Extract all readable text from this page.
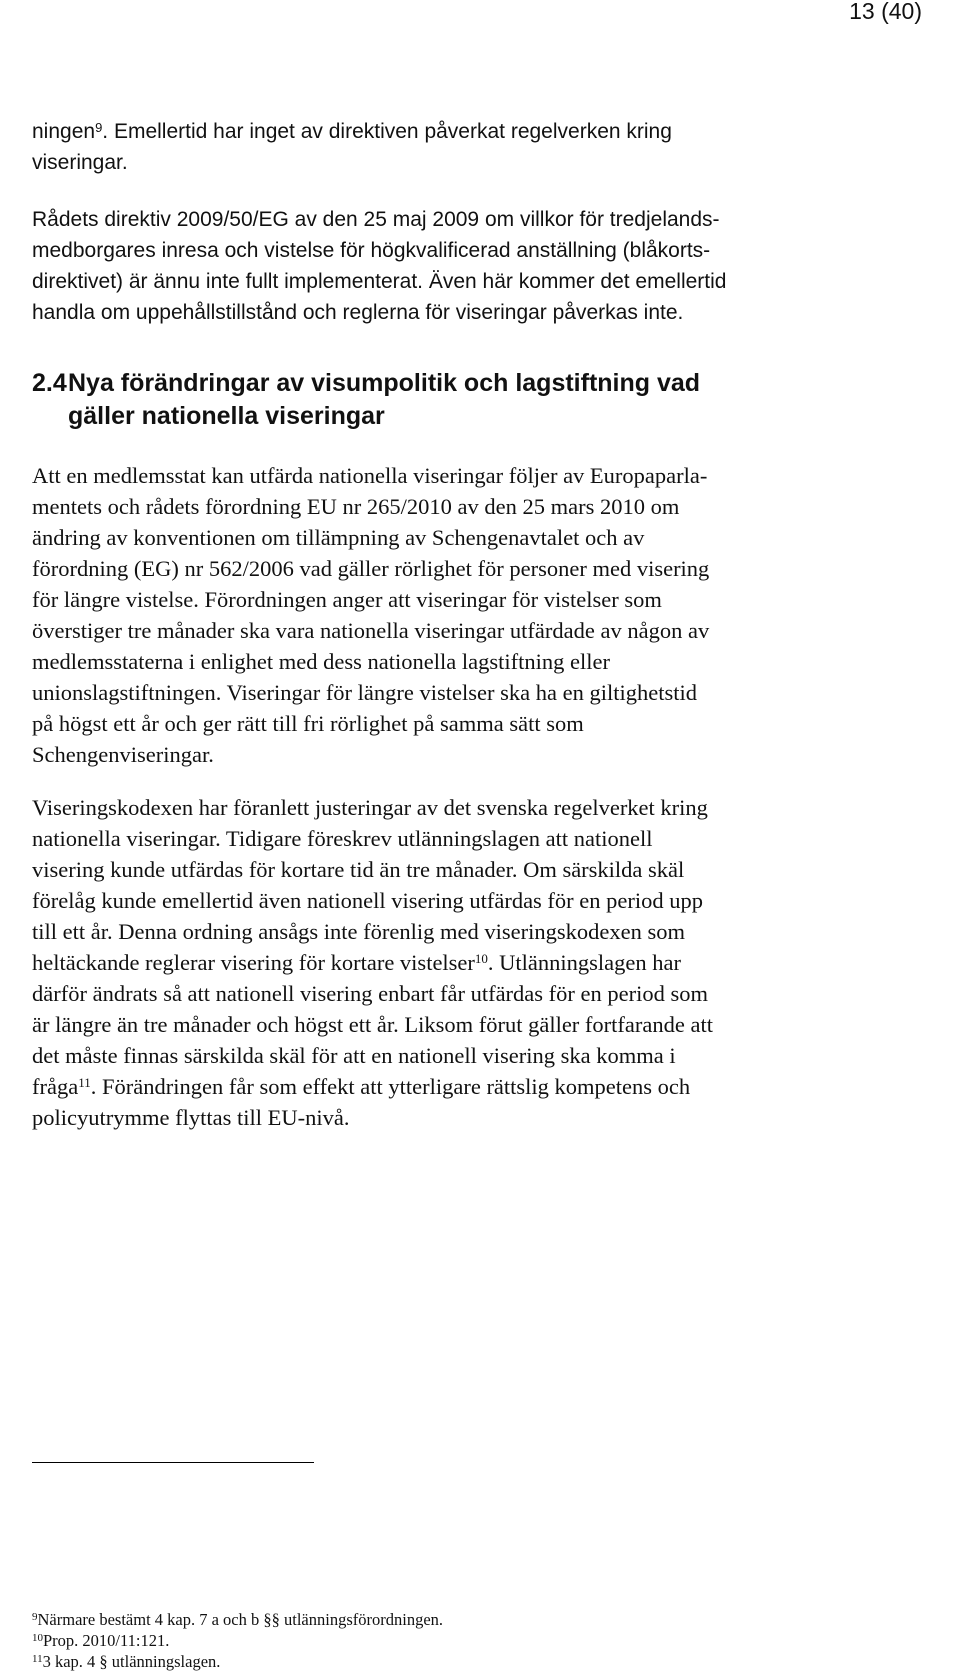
13 (40)
ningen$^9$. Emellertid har inget av direktiven påverkat regelverken kring
viseringar.
Rådets direktiv 2009/50/EG av den 25 maj 2009 om villkor för tredjelands-
medborgares inresa och vistelse för högkvalificerad anställning (blåkorts-
direktivet) är ännu inte fullt implementerat. Även här kommer det emellertid
handla om uppehållstillstånd och reglerna för viseringar påverkas inte.
2.4Nya förändringar av visumpolitik och lagstiftning vad
gäller nationella viseringar
Att en medlemsstat kan utfärda nationella viseringar följer av Europaparla-
mentets och rådets förordning EU nr 265/2010 av den 25 mars 2010 om
ändring av konventionen om tillämpning av Schengenavtalet och av
förordning (EG) nr 562/2006 vad gäller rörlighet för personer med visering
för längre vistelse. Förordningen anger att viseringar för vistelser som
överstiger tre månader ska vara nationella viseringar utfärdade av någon av
medlemsstaterna i enlighet med dess nationella lagstiftning eller
unionslagstiftningen. Viseringar för längre vistelser ska ha en giltighetstid
på högst ett år och ger rätt till fri rörlighet på samma sätt som
Schengenviseringar.
Viseringskodexen har föranlett justeringar av det svenska regelverket kring
nationella viseringar. Tidigare föreskrev utlänningslagen att nationell
visering kunde utfärdas för kortare tid än tre månader. Om särskilda skäl
förelåg kunde emellertid även nationell visering utfärdas för en period upp
till ett år. Denna ordning ansågs inte förenlig med viseringskodexen som
heltäckande reglerar visering för kortare vistelser$^{10}$. Utlänningslagen har
därför ändrats så att nationell visering enbart får utfärdas för en period som
är längre än tre månader och högst ett år. Liksom förut gäller fortfarande att
det måste finnas särskilda skäl för att en nationell visering ska komma i
fråga$^{11}$. Förändringen får som effekt att ytterligare rättslig kompetens och
policyutrymme flyttas till EU-nivå.
$^9$Närmare bestämt 4 kap. 7 a och b §§ utlänningsförordningen.
$^{10}$Prop. 2010/11:121.
$^{11}$3 kap. 4 § utlänningslagen.
